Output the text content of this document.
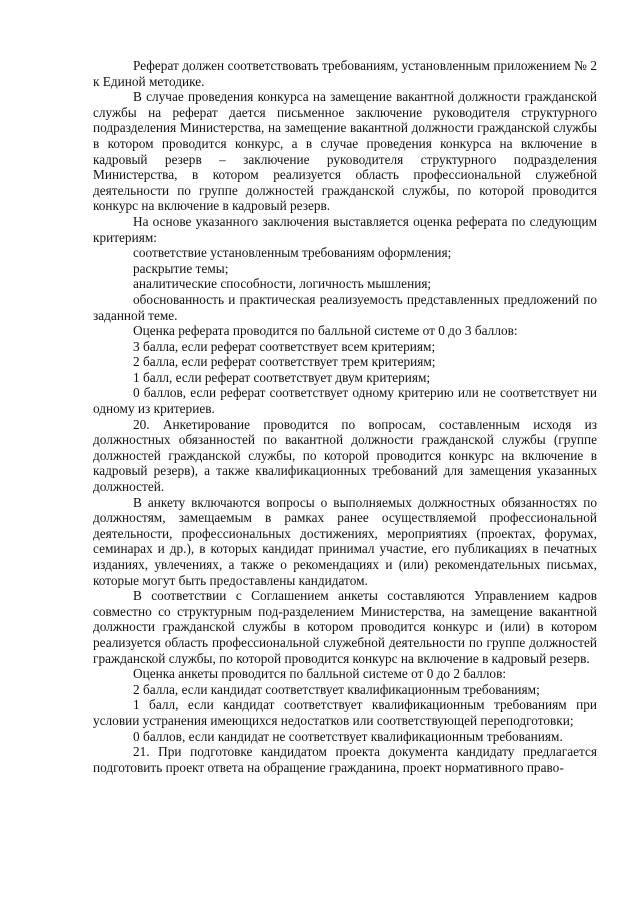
Реферат должен соответствовать требованиям, установленным приложением № 2 к Единой методике.

В случае проведения конкурса на замещение вакантной должности гражданской службы на реферат дается письменное заключение руководителя структурного подразделения Министерства, на замещение вакантной должности гражданской службы в котором проводится конкурс, а в случае проведения конкурса на включение в кадровый резерв – заключение руководителя структурного подразделения Министерства, в котором реализуется область профессиональной служебной деятельности по группе должностей гражданской службы, по которой проводится конкурс на включение в кадровый резерв.

На основе указанного заключения выставляется оценка реферата по следующим критериям:

соответствие установленным требованиям оформления;

раскрытие темы;

аналитические способности, логичность мышления;

обоснованность и практическая реализуемость представленных предложений по заданной теме.

Оценка реферата проводится по балльной системе от 0 до 3 баллов:

3 балла, если реферат соответствует всем критериям;

2 балла, если реферат соответствует трем критериям;

1 балл, если реферат соответствует двум критериям;

0 баллов, если реферат соответствует одному критерию или не соответствует ни одному из критериев.

20. Анкетирование проводится по вопросам, составленным исходя из должностных обязанностей по вакантной должности гражданской службы (группе должностей гражданской службы, по которой проводится конкурс на включение в кадровый резерв), а также квалификационных требований для замещения указанных должностей.

В анкету включаются вопросы о выполняемых должностных обязанностях по должностям, замещаемым в рамках ранее осуществляемой профессиональной деятельности, профессиональных достижениях, мероприятиях (проектах, форумах, семинарах и др.), в которых кандидат принимал участие, его публикациях в печатных изданиях, увлечениях, а также о рекомендациях и (или) рекомендательных письмах, которые могут быть предоставлены кандидатом.

В соответствии с Соглашением анкеты составляются Управлением кадров совместно со структурным под-разделением Министерства, на замещение вакантной должности гражданской службы в котором проводится конкурс и (или) в котором реализуется область профессиональной служебной деятельности по группе должностей гражданской службы, по которой проводится конкурс на включение в кадровый резерв.

Оценка анкеты проводится по балльной системе от 0 до 2 баллов:

2 балла, если кандидат соответствует квалификационным требованиям;

1 балл, если кандидат соответствует квалификационным требованиям при условии устранения имеющихся недостатков или соответствующей переподготовки;

0 баллов, если кандидат не соответствует квалификационным требованиям.

21. При подготовке кандидатом проекта документа кандидату предлагается подготовить проект ответа на обращение гражданина, проект нормативного право-
